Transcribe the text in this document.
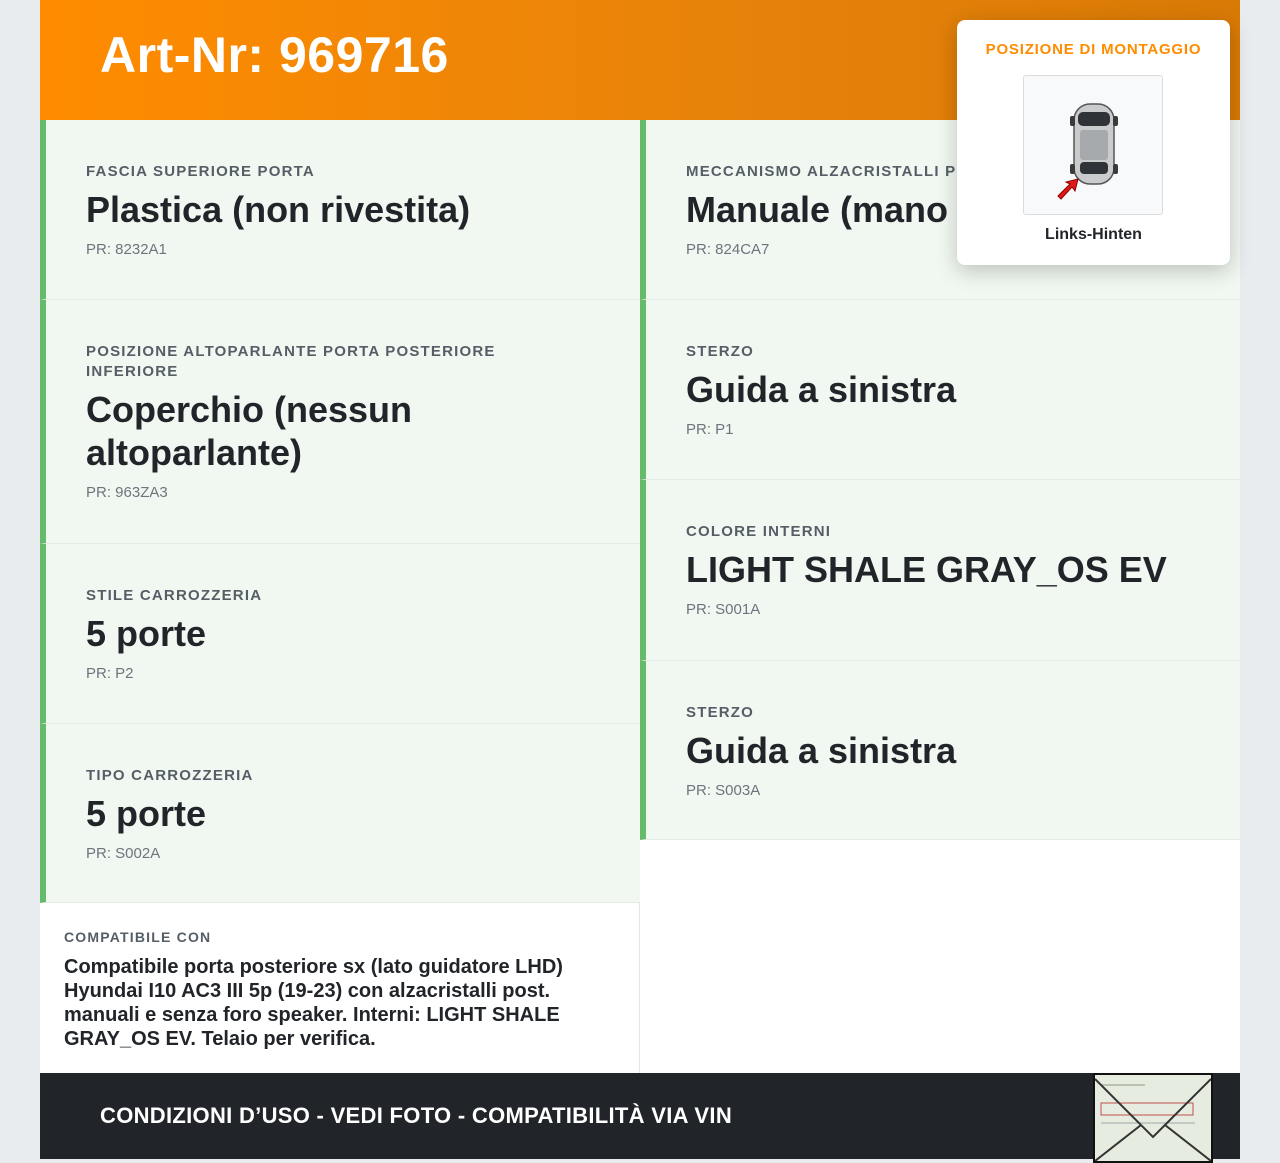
Art-Nr: 969716
FASCIA SUPERIORE PORTA
Plastica (non rivestita)
PR: 8232A1
POSIZIONE ALTOPARLANTE PORTA POSTERIORE INFERIORE
Coperchio (nessun altoparlante)
PR: 963ZA3
STILE CARROZZERIA
5 porte
PR: P2
TIPO CARROZZERIA
5 porte
PR: S002A
MECCANISMO ALZACRISTALLI P
Manuale (mano
PR: 824CA7
STERZO
Guida a sinistra
PR: P1
COLORE INTERNI
LIGHT SHALE GRAY_OS EV
PR: S001A
STERZO
Guida a sinistra
PR: S003A
COMPATIBILE CON
Compatibile porta posteriore sx (lato guidatore LHD) Hyundai I10 AC3 III 5p (19-23) con alzacristalli post. manuali e senza foro speaker. Interni: LIGHT SHALE GRAY_OS EV. Telaio per verifica.
CONDIZIONI D’USO - VEDI FOTO - COMPATIBILITÀ VIA VIN
POSIZIONE DI MONTAGGIO
Links-Hinten
